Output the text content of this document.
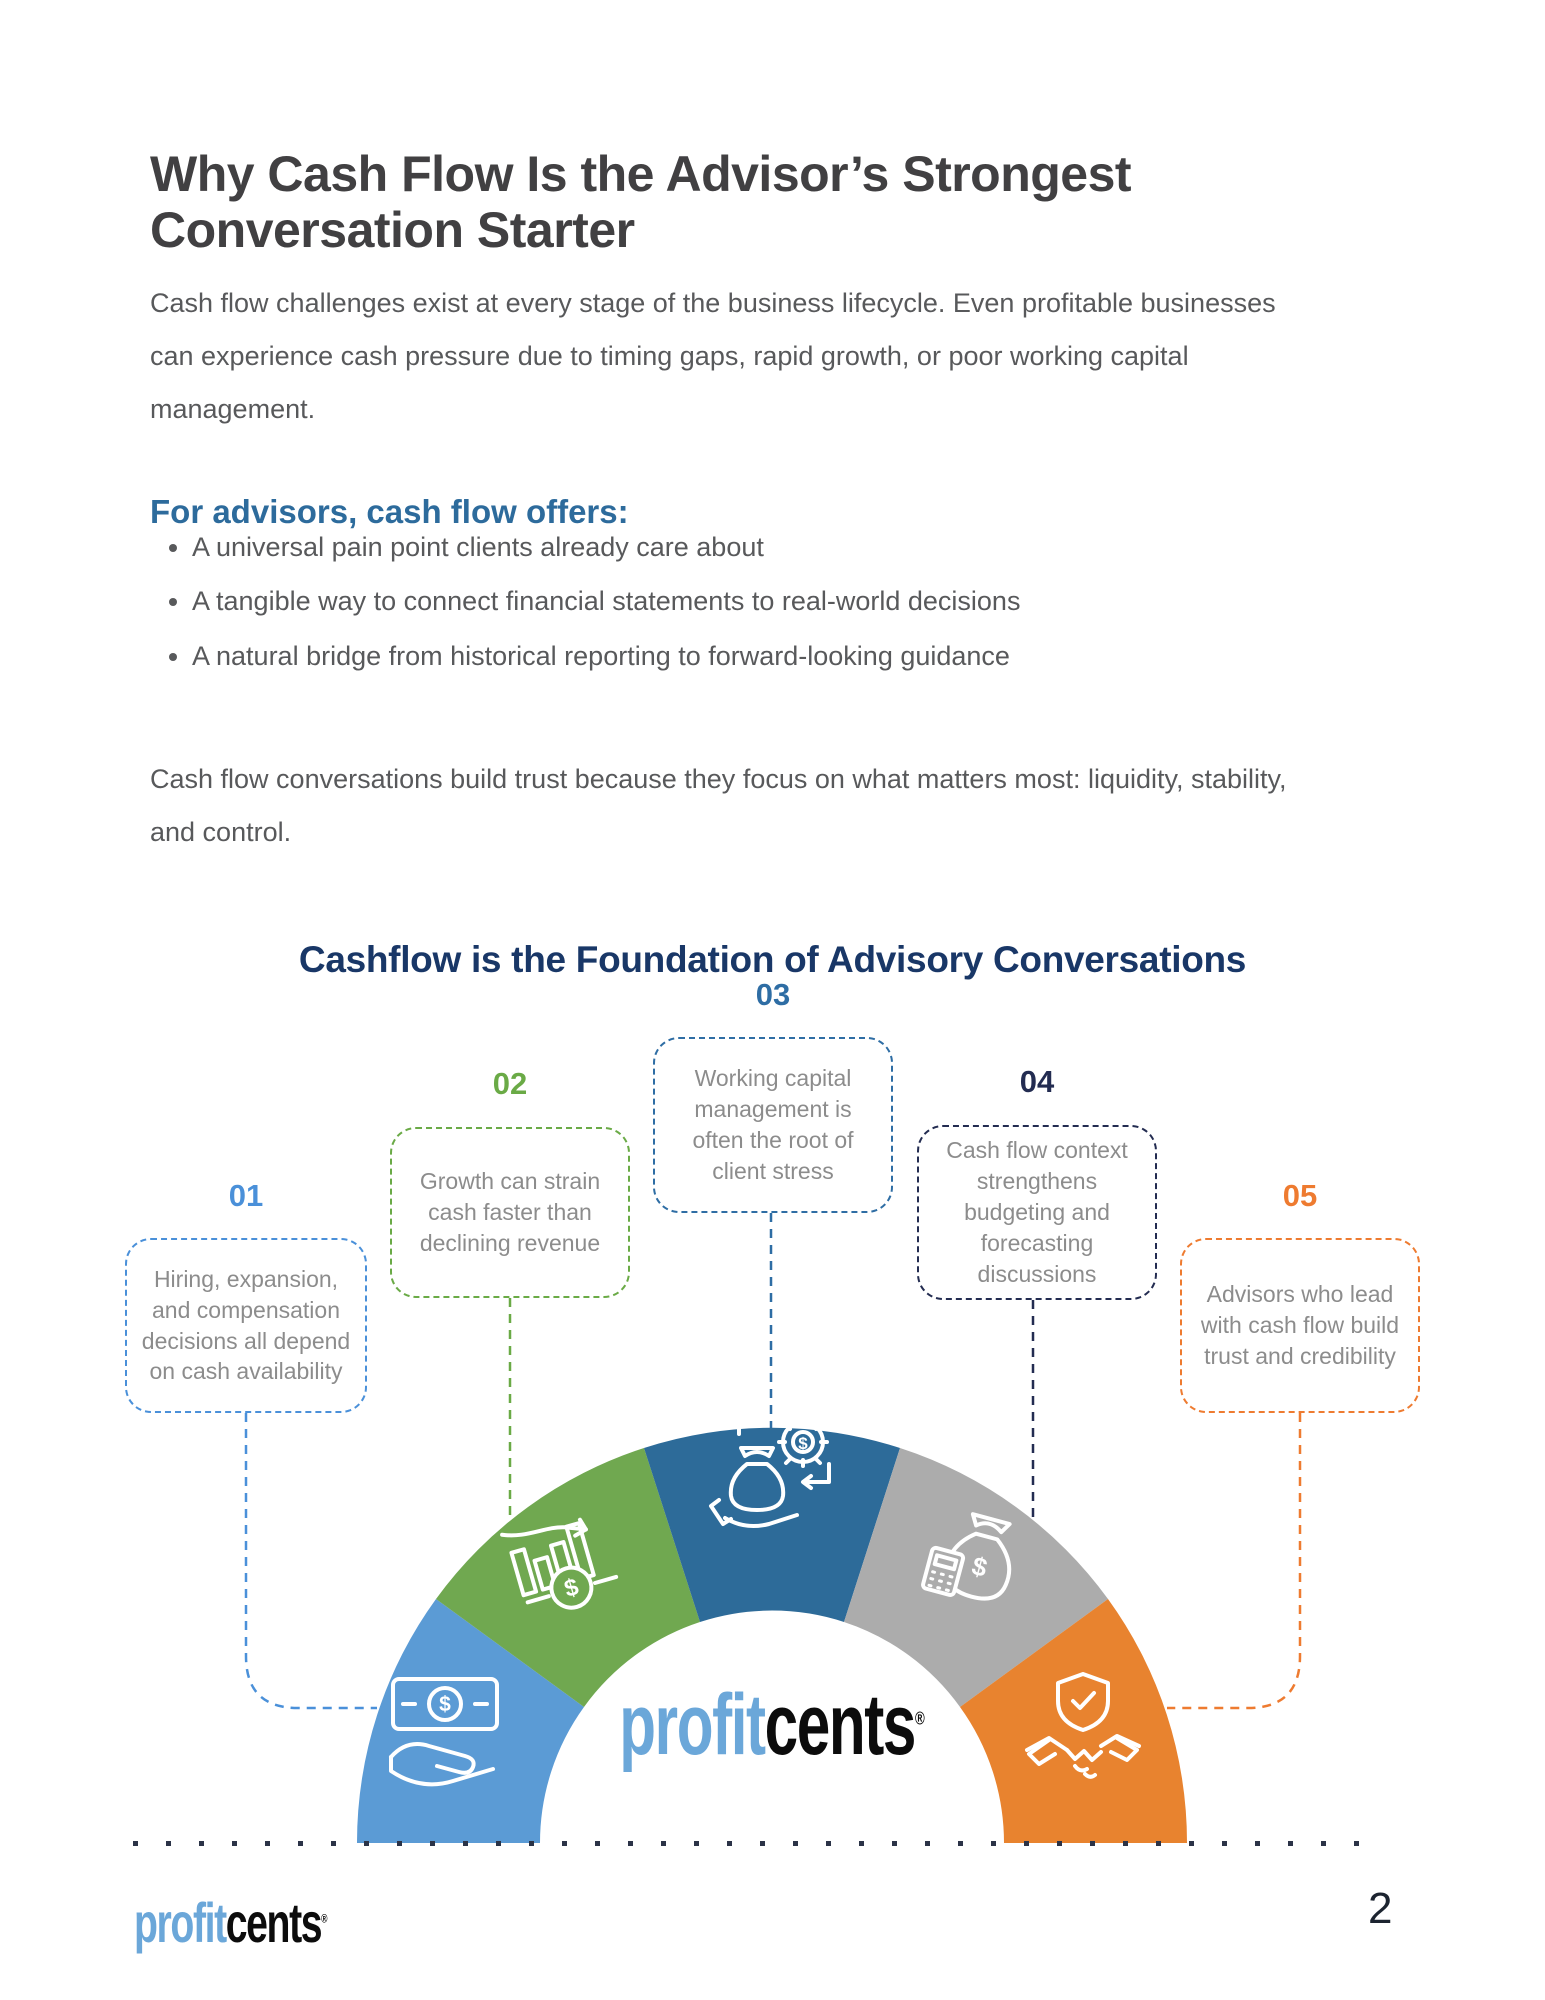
Why Cash Flow Is the Advisor’s Strongest Conversation Starter

Cash flow challenges exist at every stage of the business lifecycle. Even profitable businesses can experience cash pressure due to timing gaps, rapid growth, or poor working capital management.

For advisors, cash flow offers:
• A universal pain point clients already care about
• A tangible way to connect financial statements to real-world decisions
• A natural bridge from historical reporting to forward-looking guidance

Cash flow conversations build trust because they focus on what matters most: liquidity, stability, and control.

Cashflow is the Foundation of Advisory Conversations
01
02
03
04
05
Hiring, expansion, and compensation decisions all depend on cash availability
Growth can strain cash faster than declining revenue
Working capital management is often the root of client stress
Cash flow context strengthens budgeting and forecasting discussions
Advisors who lead with cash flow build trust and credibility
$
$
$
$
profitcents®
profitcents®	2
